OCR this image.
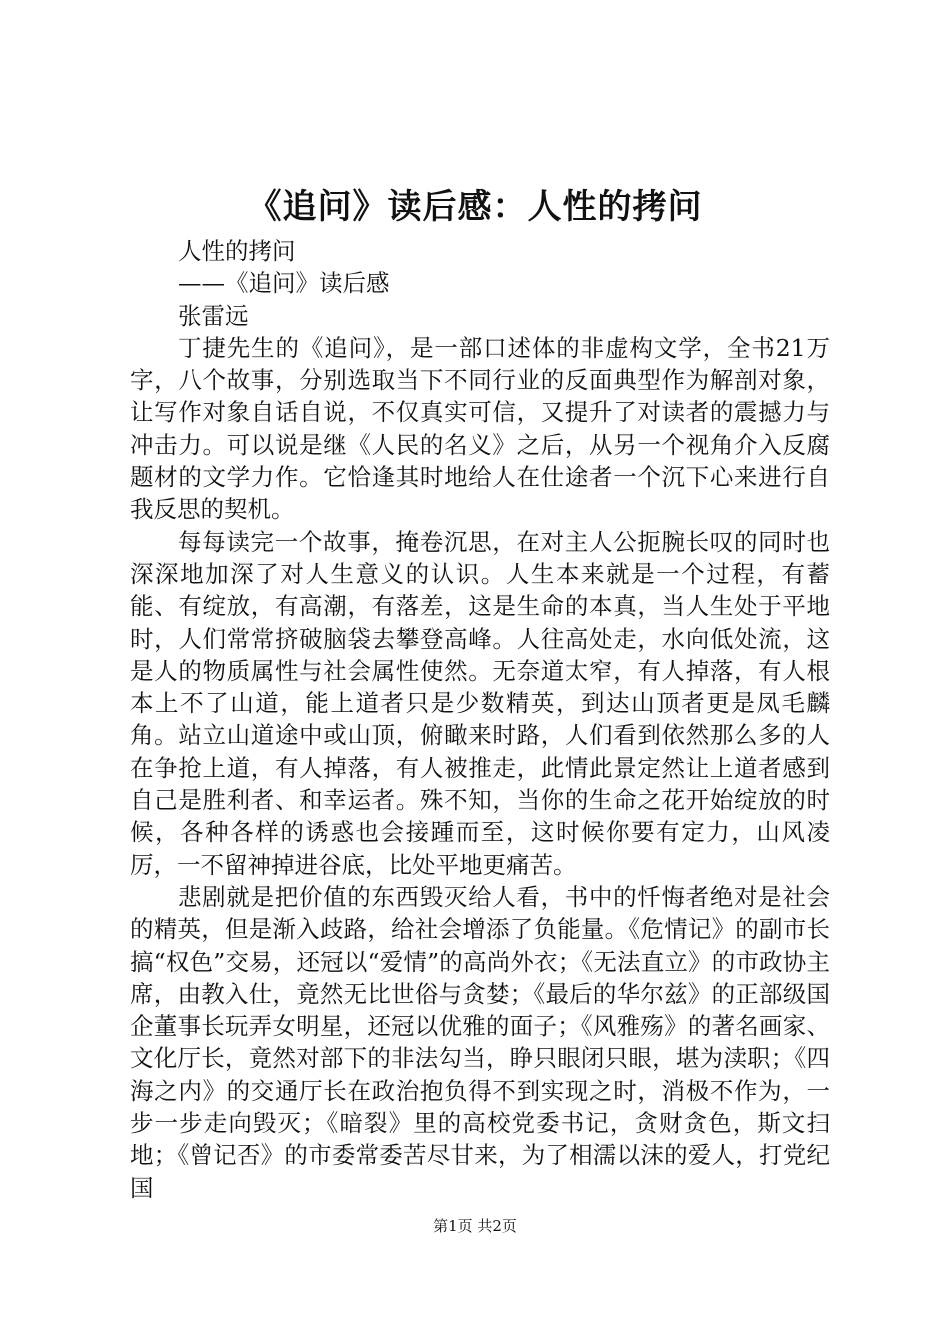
《追问》读后感：人性的拷问
人性的拷问
——《追问》读后感
张雷远

丁捷先生的《追问》，是一部口述体的非虚构文学，全书21万字，八个故事，分别选取当下不同行业的反面典型作为解剖对象，让写作对象自话自说，不仅真实可信，又提升了对读者的震撼力与冲击力。可以说是继《人民的名义》之后，从另一个视角介入反腐题材的文学力作。它恰逢其时地给人在仕途者一个沉下心来进行自我反思的契机。

每每读完一个故事，掩卷沉思，在对主人公扼腕长叹的同时也深深地加深了对人生意义的认识。人生本来就是一个过程，有蓄能、有绽放，有高潮，有落差，这是生命的本真，当人生处于平地时，人们常常挤破脑袋去攀登高峰。人往高处走，水向低处流，这是人的物质属性与社会属性使然。无奈道太窄，有人掉落，有人根本上不了山道，能上道者只是少数精英，到达山顶者更是凤毛麟角。站立山道途中或山顶，俯瞰来时路，人们看到依然那么多的人在争抢上道，有人掉落，有人被推走，此情此景定然让上道者感到自己是胜利者、和幸运者。殊不知，当你的生命之花开始绽放的时候，各种各样的诱惑也会接踵而至，这时候你要有定力，山风凌厉，一不留神掉进谷底，比处平地更痛苦。

悲剧就是把价值的东西毁灭给人看，书中的忏悔者绝对是社会的精英，但是渐入歧路，给社会增添了负能量。《危情记》的副市长搞“权色”交易，还冠以“爱情”的高尚外衣；《无法直立》的市政协主席，由教入仕，竟然无比世俗与贪婪；《最后的华尔兹》的正部级国企董事长玩弄女明星，还冠以优雅的面子；《风雅殇》的著名画家、文化厅长，竟然对部下的非法勾当，睁只眼闭只眼，堪为渎职；《四海之内》的交通厅长在政治抱负得不到实现之时，消极不作为，一步一步走向毁灭；《暗裂》里的高校党委书记，贪财贪色，斯文扫地；《曾记否》的市委常委苦尽甘来，为了相濡以沫的爱人，打党纪国

第1页 共2页
